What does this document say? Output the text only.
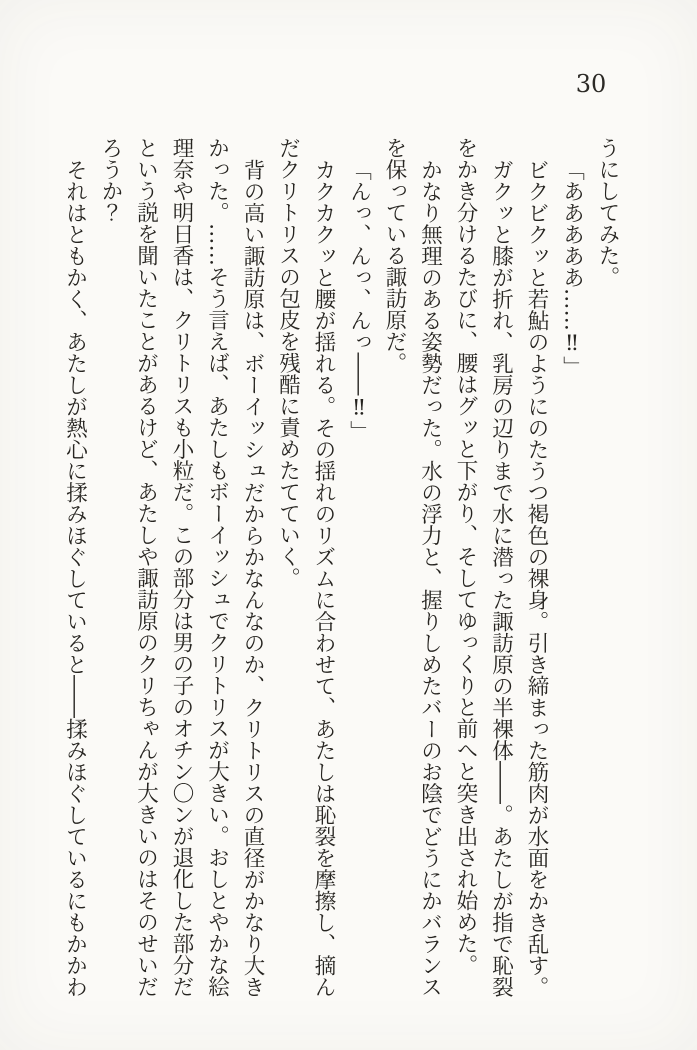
30

うにしてみた。

「あああああ……‼」

ビクビクッと若鮎のようにのたうつ褐色の裸身。引き締まった筋肉が水面をかき乱す。

ガクッと膝が折れ、乳房の辺りまで水に潜った諏訪原の半裸体――。あたしが指で恥裂をかき分けるたびに、腰はグッと下がり、そしてゆっくりと前へと突き出され始めた。

かなり無理のある姿勢だった。水の浮力と、握りしめたバーのお陰でどうにかバランスを保っている諏訪原だ。

「んっ、んっ、んっ――‼」

カクカクッと腰が揺れる。その揺れのリズムに合わせて、あたしは恥裂を摩擦し、摘んだクリトリスの包皮を残酷に責めたてていく。

背の高い諏訪原は、ボーイッシュだからかなんなのか、クリトリスの直径がかなり大きかった。……そう言えば、あたしもボーイッシュでクリトリスが大きい。おしとやかな絵理奈や明日香は、クリトリスも小粒だ。この部分は男の子のオチン〇ンが退化した部分だという説を聞いたことがあるけど、あたしや諏訪原のクリちゃんが大きいのはそのせいだろうか？

それはともかく、あたしが熱心に揉みほぐしていると――揉みほぐしているにもかかわ
